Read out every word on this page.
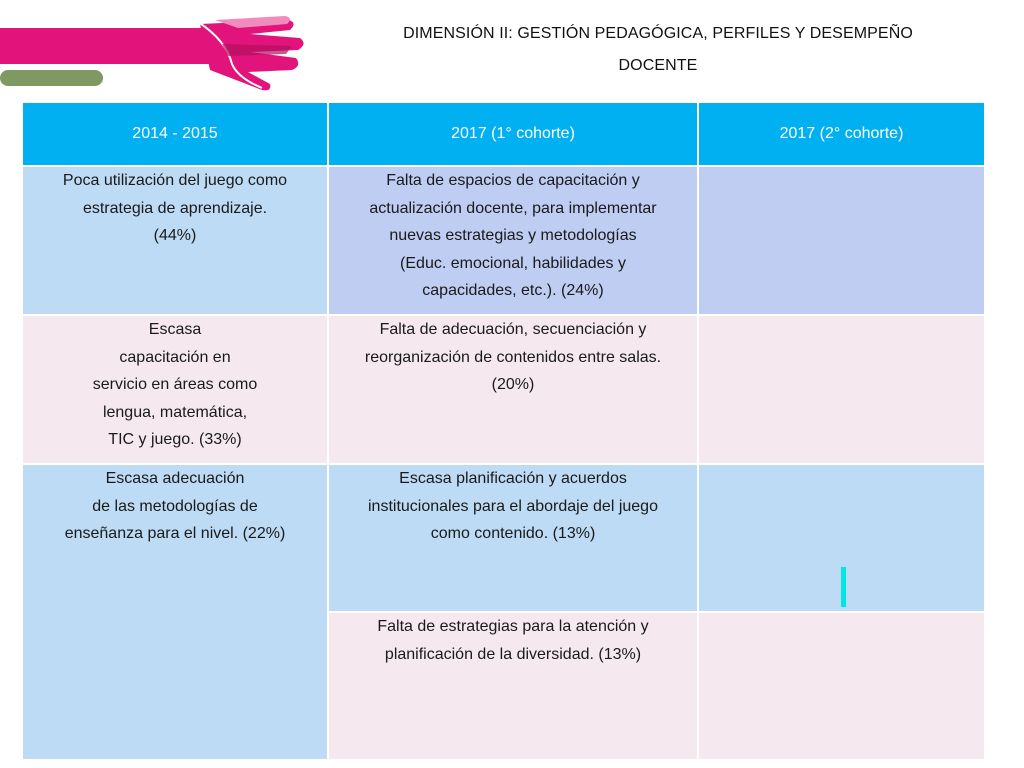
DIMENSIÓN II: GESTIÓN PEDAGÓGICA, PERFILES Y DESEMPEÑO
DOCENTE
2014 - 2015	2017 (1° cohorte)	2017 (2° cohorte)

Poca utilización del juego como
estrategia de aprendizaje.
(44%)	Falta de espacios de capacitación y
actualización docente, para implementar
nuevas estrategias y metodologías
(Educ. emocional, habilidades y
capacidades, etc.). (24%)	

Escasa
capacitación en
servicio en áreas como
lengua, matemática,
TIC y juego. (33%)	Falta de adecuación, secuenciación y
reorganización de contenidos entre salas.
(20%)	

Escasa adecuación
de las metodologías de
enseñanza para el nivel. (22%)	Escasa planificación y acuerdos
institucionales para el abordaje del juego
como contenido. (13%)	

	Falta de estrategias para la atención y
planificación de la diversidad. (13%)	
